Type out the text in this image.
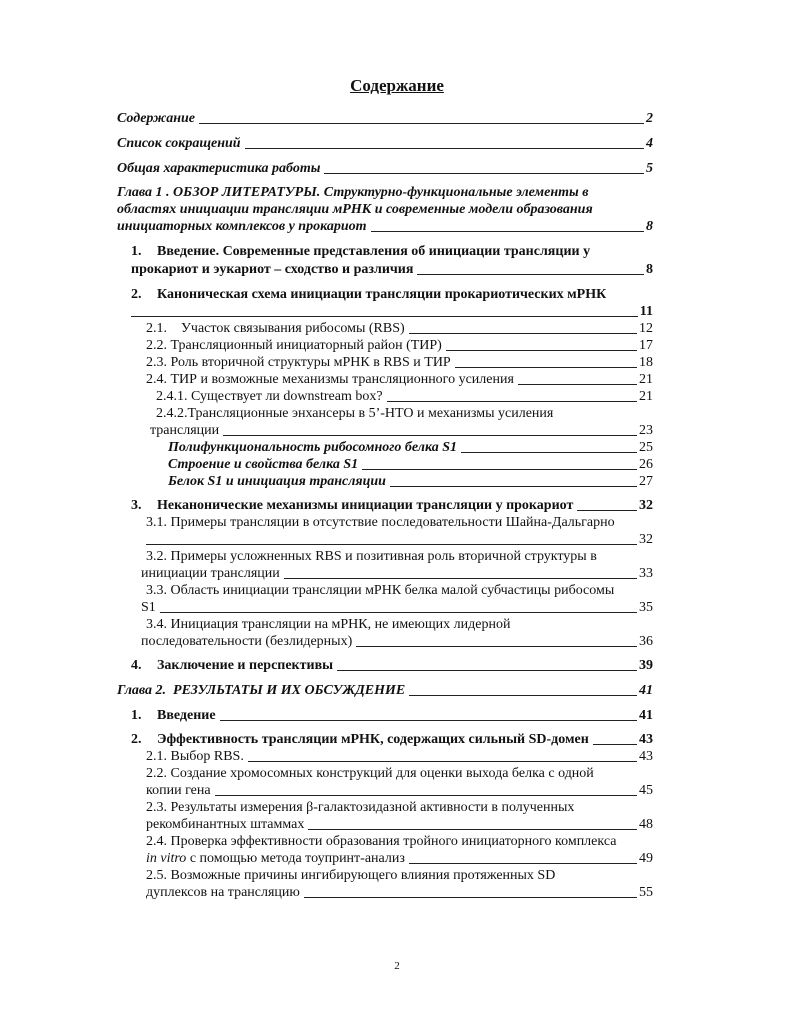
Содержание
Содержание	2
Список сокращений	4
Общая характеристика работы	5
Глава 1 . ОБЗОР ЛИТЕРАТУРЫ. Структурно-функциональные элементы в
областях инициации трансляции мРНК и современные модели образования
инициаторных комплексов у прокариот	8
1. Введение. Современные представления об инициации трансляции у
прокариот и эукариот – сходство и различия	8
2. Каноническая схема инициации трансляции прокариотических мРНК
11
2.1.    Участок связывания рибосомы (RBS)	12
2.2. Трансляционный инициаторный район (ТИР)	17
2.3. Роль вторичной структуры мРНК в RBS и ТИР	18
2.4. ТИР и возможные механизмы трансляционного усиления	21
2.4.1. Существует ли downstream box?	21
2.4.2.Трансляционные энхансеры в 5’-НТО и механизмы усиления
трансляции	23
Полифункциональность рибосомного белка S1	25
Строение и свойства белка S1	26
Белок S1 и инициация трансляции	27
3. Неканонические механизмы инициации трансляции у прокариот	32
3.1. Примеры трансляции в отсутствие последовательности Шайна-Дальгарно
32
3.2. Примеры усложненных RBS и позитивная роль вторичной структуры в
инициации трансляции	33
3.3. Область инициации трансляции мРНК белка малой субчастицы рибосомы
S1	35
3.4. Инициация трансляции на мРНК, не имеющих лидерной
последовательности (безлидерных)	36
4. Заключение и перспективы	39
Глава 2.  РЕЗУЛЬТАТЫ И ИХ ОБСУЖДЕНИЕ	41
1. Введение	41
2. Эффективность трансляции мРНК, содержащих сильный SD-домен	43
2.1. Выбор RBS.	43
2.2. Создание хромосомных конструкций для оценки выхода белка с одной
копии гена	45
2.3. Результаты измерения β-галактозидазной активности в полученных
рекомбинантных штаммах	48
2.4. Проверка эффективности образования тройного инициаторного комплекса
in vitro с помощью метода тоупринт-анализ	49
2.5. Возможные причины ингибирующего влияния протяженных SD
дуплексов на трансляцию	55
2
